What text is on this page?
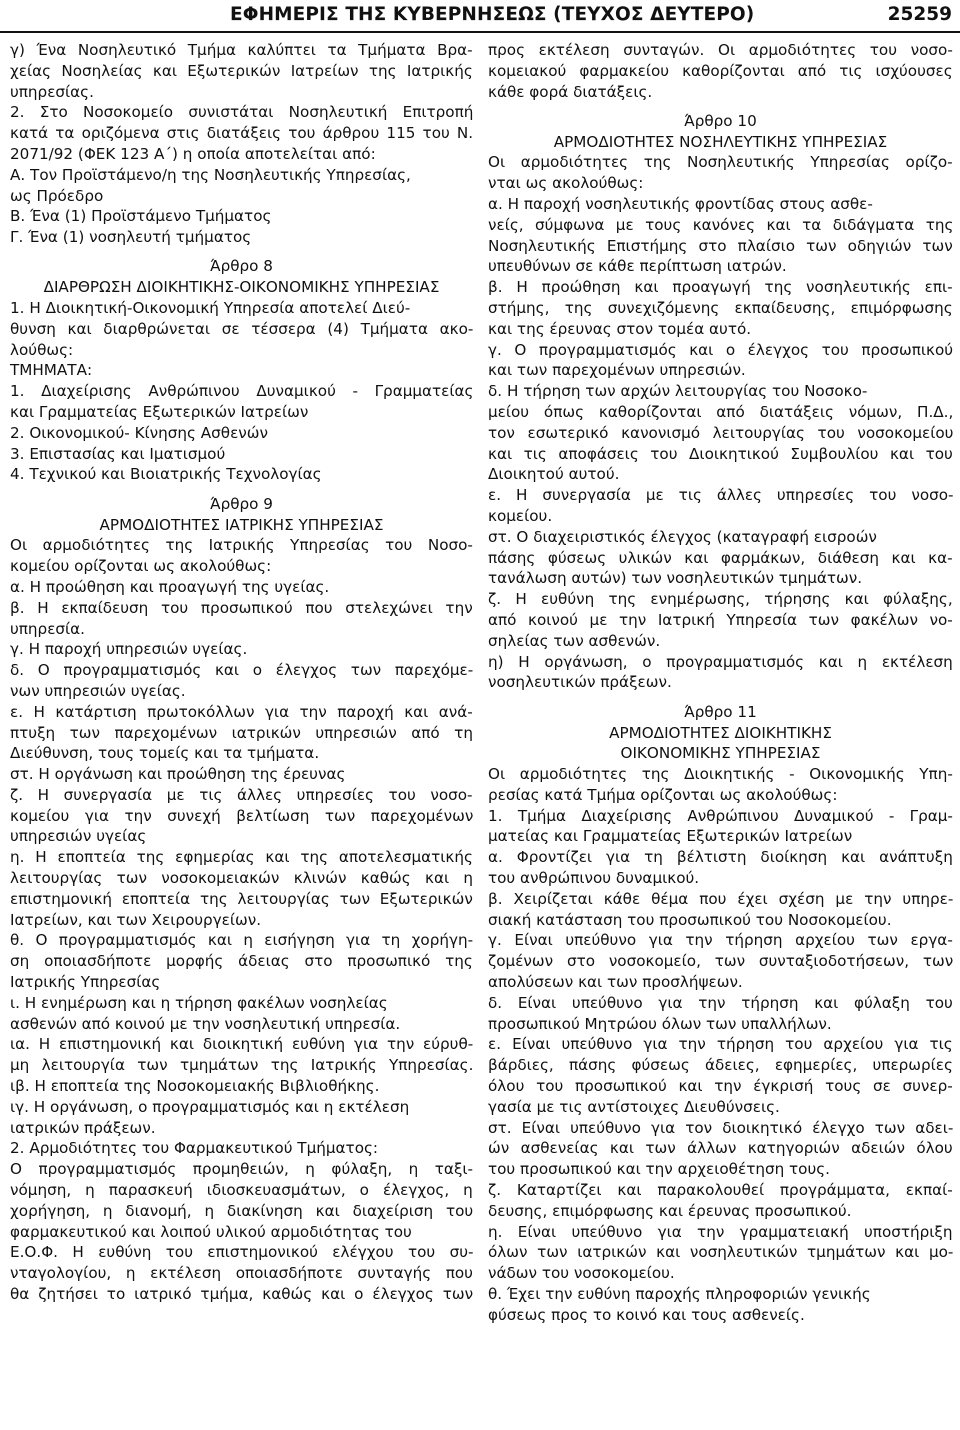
ΕΦΗΜΕΡΙΣ ΤΗΣ ΚΥΒΕΡΝΗΣΕΩΣ (ΤΕΥΧΟΣ ΔΕΥΤΕΡΟ)	25259
γ) Ένα Νοσηλευτικό Τμήμα καλύπτει τα Τμήματα Βρα-
χείας Νοσηλείας και Εξωτερικών Ιατρείων της Ιατρικής
υπηρεσίας.
2. Στο Νοσοκομείο συνιστάται Νοσηλευτική Επιτροπή
κατά τα οριζόμενα στις διατάξεις του άρθρου 115 του Ν.
2071/92 (ΦΕΚ 123 Α΄) η οποία αποτελείται από:
Α. Τον Προϊστάμενο/η της Νοσηλευτικής Υπηρεσίας,
ως Πρόεδρο
Β. Ένα (1) Προϊστάμενο Τμήματος
Γ. Ένα (1) νοσηλευτή τμήματος
Άρθρο 8
ΔΙΑΡΘΡΩΣΗ ΔΙΟΙΚΗΤΙΚΗΣ-ΟΙΚΟΝΟΜΙΚΗΣ ΥΠΗΡΕΣΙΑΣ
1. Η Διοικητική-Οικονομική Υπηρεσία αποτελεί Διεύ-
θυνση και διαρθρώνεται σε τέσσερα (4) Τμήματα ακο-
λούθως:
ΤΜΗΜΑΤΑ:
1. Διαχείρισης Ανθρώπινου Δυναμικού - Γραμματείας
και Γραμματείας Εξωτερικών Ιατρείων
2. Οικονομικού- Κίνησης Ασθενών
3. Επιστασίας και Ιματισμού
4. Τεχνικού και Βιοιατρικής Τεχνολογίας
Άρθρο 9
ΑΡΜΟΔΙΟΤΗΤΕΣ ΙΑΤΡΙΚΗΣ ΥΠΗΡΕΣΙΑΣ
Οι αρμοδιότητες της Ιατρικής Υπηρεσίας του Νοσο-
κομείου ορίζονται ως ακολούθως:
α. Η προώθηση και προαγωγή της υγείας.
β. Η εκπαίδευση του προσωπικού που στελεχώνει την
υπηρεσία.
γ. Η παροχή υπηρεσιών υγείας.
δ. Ο προγραμματισμός και ο έλεγχος των παρεχόμε-
νων υπηρεσιών υγείας.
ε. Η κατάρτιση πρωτοκόλλων για την παροχή και ανά-
πτυξη των παρεχομένων ιατρικών υπηρεσιών από τη
Διεύθυνση, τους τομείς και τα τμήματα.
στ. Η οργάνωση και προώθηση της έρευνας
ζ. Η συνεργασία με τις άλλες υπηρεσίες του νοσο-
κομείου για την συνεχή βελτίωση των παρεχομένων
υπηρεσιών υγείας
η. Η εποπτεία της εφημερίας και της αποτελεσματικής
λειτουργίας των νοσοκομειακών κλινών καθώς και η
επιστημονική εποπτεία της λειτουργίας των Εξωτερικών
Ιατρείων, και των Χειρουργείων.
θ. Ο προγραμματισμός και η εισήγηση για τη χορήγη-
ση οποιασδήποτε μορφής άδειας στο προσωπικό της
Ιατρικής Υπηρεσίας
ι. Η ενημέρωση και η τήρηση φακέλων νοσηλείας
ασθενών από κοινού με την νοσηλευτική υπηρεσία.
ια. Η επιστημονική και διοικητική ευθύνη για την εύρυθ-
μη λειτουργία των τμημάτων της Ιατρικής Υπηρεσίας.
ιβ. Η εποπτεία της Νοσοκομειακής Βιβλιοθήκης.
ιγ. Η οργάνωση, ο προγραμματισμός και η εκτέλεση
ιατρικών πράξεων.
2. Αρμοδιότητες του Φαρμακευτικού Τμήματος:
Ο προγραμματισμός προμηθειών, η φύλαξη, η ταξι-
νόμηση, η παρασκευή ιδιοσκευασμάτων, ο έλεγχος, η
χορήγηση, η διανομή, η διακίνηση και διαχείριση του
φαρμακευτικού και λοιπού υλικού αρμοδιότητας του
Ε.Ο.Φ. Η ευθύνη του επιστημονικού ελέγχου του συ-
νταγολογίου, η εκτέλεση οποιασδήποτε συνταγής που
θα ζητήσει το ιατρικό τμήμα, καθώς και ο έλεγχος των
προς εκτέλεση συνταγών. Οι αρμοδιότητες του νοσο-
κομειακού φαρμακείου καθορίζονται από τις ισχύουσες
κάθε φορά διατάξεις.
Άρθρο 10
ΑΡΜΟΔΙΟΤΗΤΕΣ ΝΟΣΗΛΕΥΤΙΚΗΣ ΥΠΗΡΕΣΙΑΣ
Οι αρμοδιότητες της Νοσηλευτικής Υπηρεσίας ορίζο-
νται ως ακολούθως:
α. Η παροχή νοσηλευτικής φροντίδας στους ασθε-
νείς, σύμφωνα με τους κανόνες και τα διδάγματα της
Νοσηλευτικής Επιστήμης στο πλαίσιο των οδηγιών των
υπευθύνων σε κάθε περίπτωση ιατρών.
β. Η προώθηση και προαγωγή της νοσηλευτικής επι-
στήμης, της συνεχιζόμενης εκπαίδευσης, επιμόρφωσης
και της έρευνας στον τομέα αυτό.
γ. Ο προγραμματισμός και ο έλεγχος του προσωπικού
και των παρεχομένων υπηρεσιών.
δ. Η τήρηση των αρχών λειτουργίας του Νοσοκο-
μείου όπως καθορίζονται από διατάξεις νόμων, Π.Δ.,
τον εσωτερικό κανονισμό λειτουργίας του νοσοκομείου
και τις αποφάσεις του Διοικητικού Συμβουλίου και του
Διοικητού αυτού.
ε. Η συνεργασία με τις άλλες υπηρεσίες του νοσο-
κομείου.
στ. Ο διαχειριστικός έλεγχος (καταγραφή εισροών
πάσης φύσεως υλικών και φαρμάκων, διάθεση και κα-
τανάλωση αυτών) των νοσηλευτικών τμημάτων.
ζ. Η ευθύνη της ενημέρωσης, τήρησης και φύλαξης,
από κοινού με την Ιατρική Υπηρεσία των φακέλων νο-
σηλείας των ασθενών.
η) Η οργάνωση, ο προγραμματισμός και η εκτέλεση
νοσηλευτικών πράξεων.
Άρθρο 11
ΑΡΜΟΔΙΟΤΗΤΕΣ ΔΙΟΙΚΗΤΙΚΗΣ
ΟΙΚΟΝΟΜΙΚΗΣ ΥΠΗΡΕΣΙΑΣ
Οι αρμοδιότητες της Διοικητικής - Οικονομικής Υπη-
ρεσίας κατά Τμήμα ορίζονται ως ακολούθως:
1. Τμήμα Διαχείρισης Ανθρώπινου Δυναμικού - Γραμ-
ματείας και Γραμματείας Εξωτερικών Ιατρείων
α. Φροντίζει για τη βέλτιστη διοίκηση και ανάπτυξη
του ανθρώπινου δυναμικού.
β. Χειρίζεται κάθε θέμα που έχει σχέση με την υπηρε-
σιακή κατάσταση του προσωπικού του Νοσοκομείου.
γ. Είναι υπεύθυνο για την τήρηση αρχείου των εργα-
ζομένων στο νοσοκομείο, των συνταξιοδοτήσεων, των
απολύσεων και των προσλήψεων.
δ. Είναι υπεύθυνο για την τήρηση και φύλαξη του
προσωπικού Μητρώου όλων των υπαλλήλων.
ε. Είναι υπεύθυνο για την τήρηση του αρχείου για τις
βάρδιες, πάσης φύσεως άδειες, εφημερίες, υπερωρίες
όλου του προσωπικού και την έγκρισή τους σε συνερ-
γασία με τις αντίστοιχες Διευθύνσεις.
στ. Είναι υπεύθυνο για τον διοικητικό έλεγχο των αδει-
ών ασθενείας και των άλλων κατηγοριών αδειών όλου
του προσωπικού και την αρχειοθέτηση τους.
ζ. Καταρτίζει και παρακολουθεί προγράμματα, εκπαί-
δευσης, επιμόρφωσης και έρευνας προσωπικού.
η. Είναι υπεύθυνο για την γραμματειακή υποστήριξη
όλων των ιατρικών και νοσηλευτικών τμημάτων και μο-
νάδων του νοσοκομείου.
θ. Έχει την ευθύνη παροχής πληροφοριών γενικής
φύσεως προς το κοινό και τους ασθενείς.
